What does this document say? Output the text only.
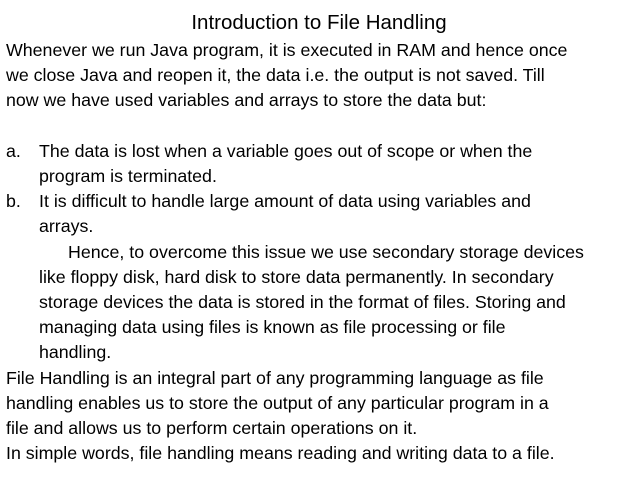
Introduction to File Handling
Whenever we run Java program, it is executed in RAM and hence once
we close Java and reopen it, the data i.e. the output is not saved. Till
now we have used variables and arrays to store the data but:
a. The data is lost when a variable goes out of scope or when the
program is terminated.
b. It is difficult to handle large amount of data using variables and
arrays.
Hence, to overcome this issue we use secondary storage devices
like floppy disk, hard disk to store data permanently. In secondary
storage devices the data is stored in the format of files. Storing and
managing data using files is known as file processing or file
handling.
File Handling is an integral part of any programming language as file
handling enables us to store the output of any particular program in a
file and allows us to perform certain operations on it.
In simple words, file handling means reading and writing data to a file.
